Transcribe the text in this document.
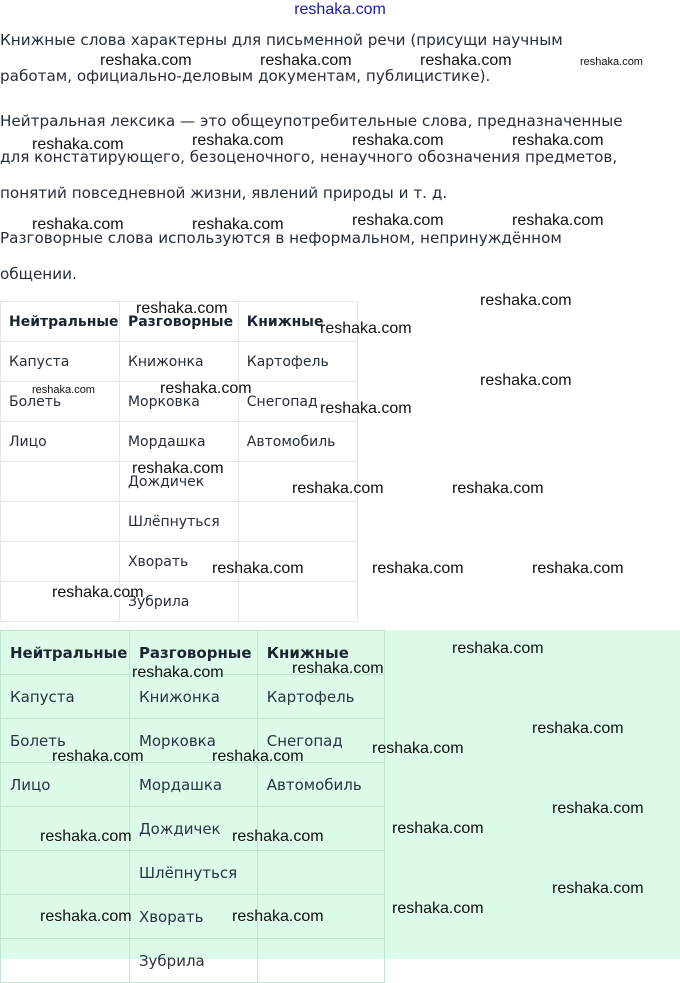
reshaka.com

Книжные слова характерны для письменной речи (присущи научным
работам, официально-деловым документам, публицистике).

Нейтральная лексика — это общеупотребительные слова, предназначенные
для констатирующего, безоценочного, ненаучного обозначения предметов,
понятий повседневной жизни, явлений природы и т. д.

Разговорные слова используются в неформальном, непринуждённом
общении.

Нейтральные	Разговорные	Книжные
Капуста	Книжонка	Картофель
Болеть	Морковка	Снегопад
Лицо	Мордашка	Автомобиль
	Дождичек	
	Шлёпнуться	
	Хворать	
	Зубрила	
Нейтральные	Разговорные	Книжные
Капуста	Книжонка	Картофель
Болеть	Морковка	Снегопад
Лицо	Мордашка	Автомобиль
	Дождичек	
	Шлёпнуться	
	Хворать	
	Зубрила	
reshaka.com	reshaka.com	reshaka.com	reshaka.com
reshaka.com	reshaka.com	reshaka.com	reshaka.com
reshaka.com	reshaka.com	reshaka.com	reshaka.com
reshaka.com	reshaka.com
reshaka.com
reshaka.com	reshaka.com	reshaka.com
reshaka.com
reshaka.com
reshaka.com	reshaka.com
reshaka.com	reshaka.com	reshaka.com
reshaka.com
reshaka.com
reshaka.com
reshaka.com
reshaka.com
reshaka.com
reshaka.com	reshaka.com
reshaka.com
reshaka.com
reshaka.com	reshaka.com
reshaka.com
reshaka.com
reshaka.com	reshaka.com
